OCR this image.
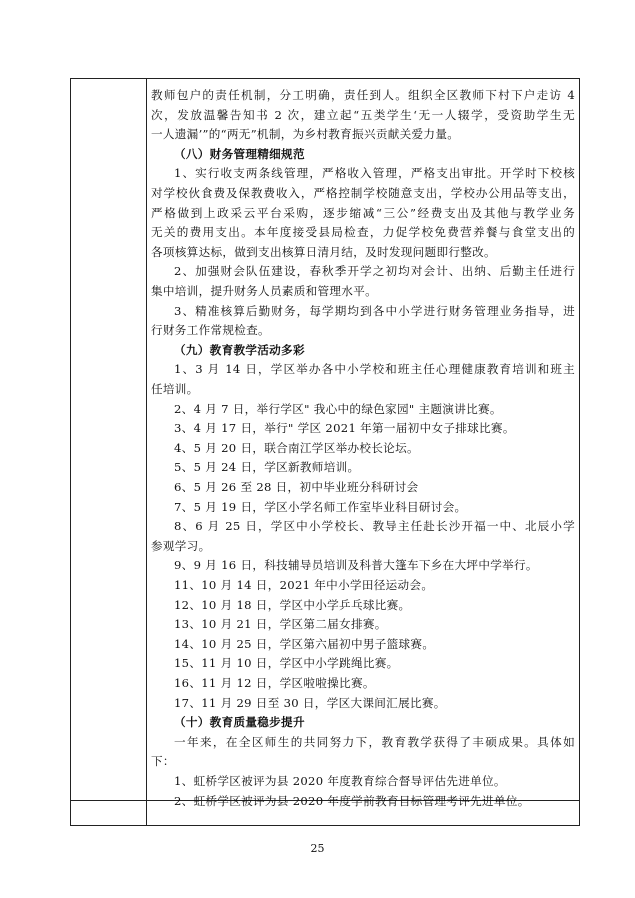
教师包户的责任机制，分工明确，责任到人。组织全区教师下村下户走访 4
次，发放温馨告知书 2 次，建立起“五类学生‘无一人辍学，受资助学生无
一人遗漏’”的“两无”机制，为乡村教育振兴贡献关爱力量。
（八）财务管理精细规范
1、实行收支两条线管理，严格收入管理，严格支出审批。开学时下校核
对学校伙食费及保教费收入，严格控制学校随意支出，学校办公用品等支出，
严格做到上政采云平台采购，逐步缩减“三公”经费支出及其他与教学业务
无关的费用支出。本年度接受县局检查，力促学校免费营养餐与食堂支出的
各项核算达标，做到支出核算日清月结，及时发现问题即行整改。
2、加强财会队伍建设，春秋季开学之初均对会计、出纳、后勤主任进行
集中培训，提升财务人员素质和管理水平。
3、精准核算后勤财务，每学期均到各中小学进行财务管理业务指导，进
行财务工作常规检查。
（九）教育教学活动多彩
1、3 月 14 日，学区举办各中小学校和班主任心理健康教育培训和班主
任培训。
2、4 月 7 日，举行学区" 我心中的绿色家园" 主题演讲比赛。
3、4 月 17 日，举行" 学区 2021 年第一届初中女子排球比赛。
4、5 月 20 日，联合南江学区举办校长论坛。
5、5 月 24 日，学区新教师培训。
6、5 月 26 至 28 日，初中毕业班分科研讨会
7、5 月 19 日，学区小学名师工作室毕业科目研讨会。
8、6 月 25 日，学区中小学校长、教导主任赴长沙开福一中、北辰小学
参观学习。
9、9 月 16 日，科技辅导员培训及科普大篷车下乡在大坪中学举行。
11、10 月 14 日，2021 年中小学田径运动会。
12、10 月 18 日，学区中小学乒乓球比赛。
13、10 月 21 日，学区第二届女排赛。
14、10 月 25 日，学区第六届初中男子篮球赛。
15、11 月 10 日，学区中小学跳绳比赛。
16、11 月 12 日，学区啦啦操比赛。
17、11 月 29 日至 30 日，学区大课间汇展比赛。
（十）教育质量稳步提升
一年来，在全区师生的共同努力下，教育教学获得了丰硕成果。具体如
下：
1、虹桥学区被评为县 2020 年度教育综合督导评估先进单位。
2、虹桥学区被评为县 2020 年度学前教育目标管理考评先进单位。
25
